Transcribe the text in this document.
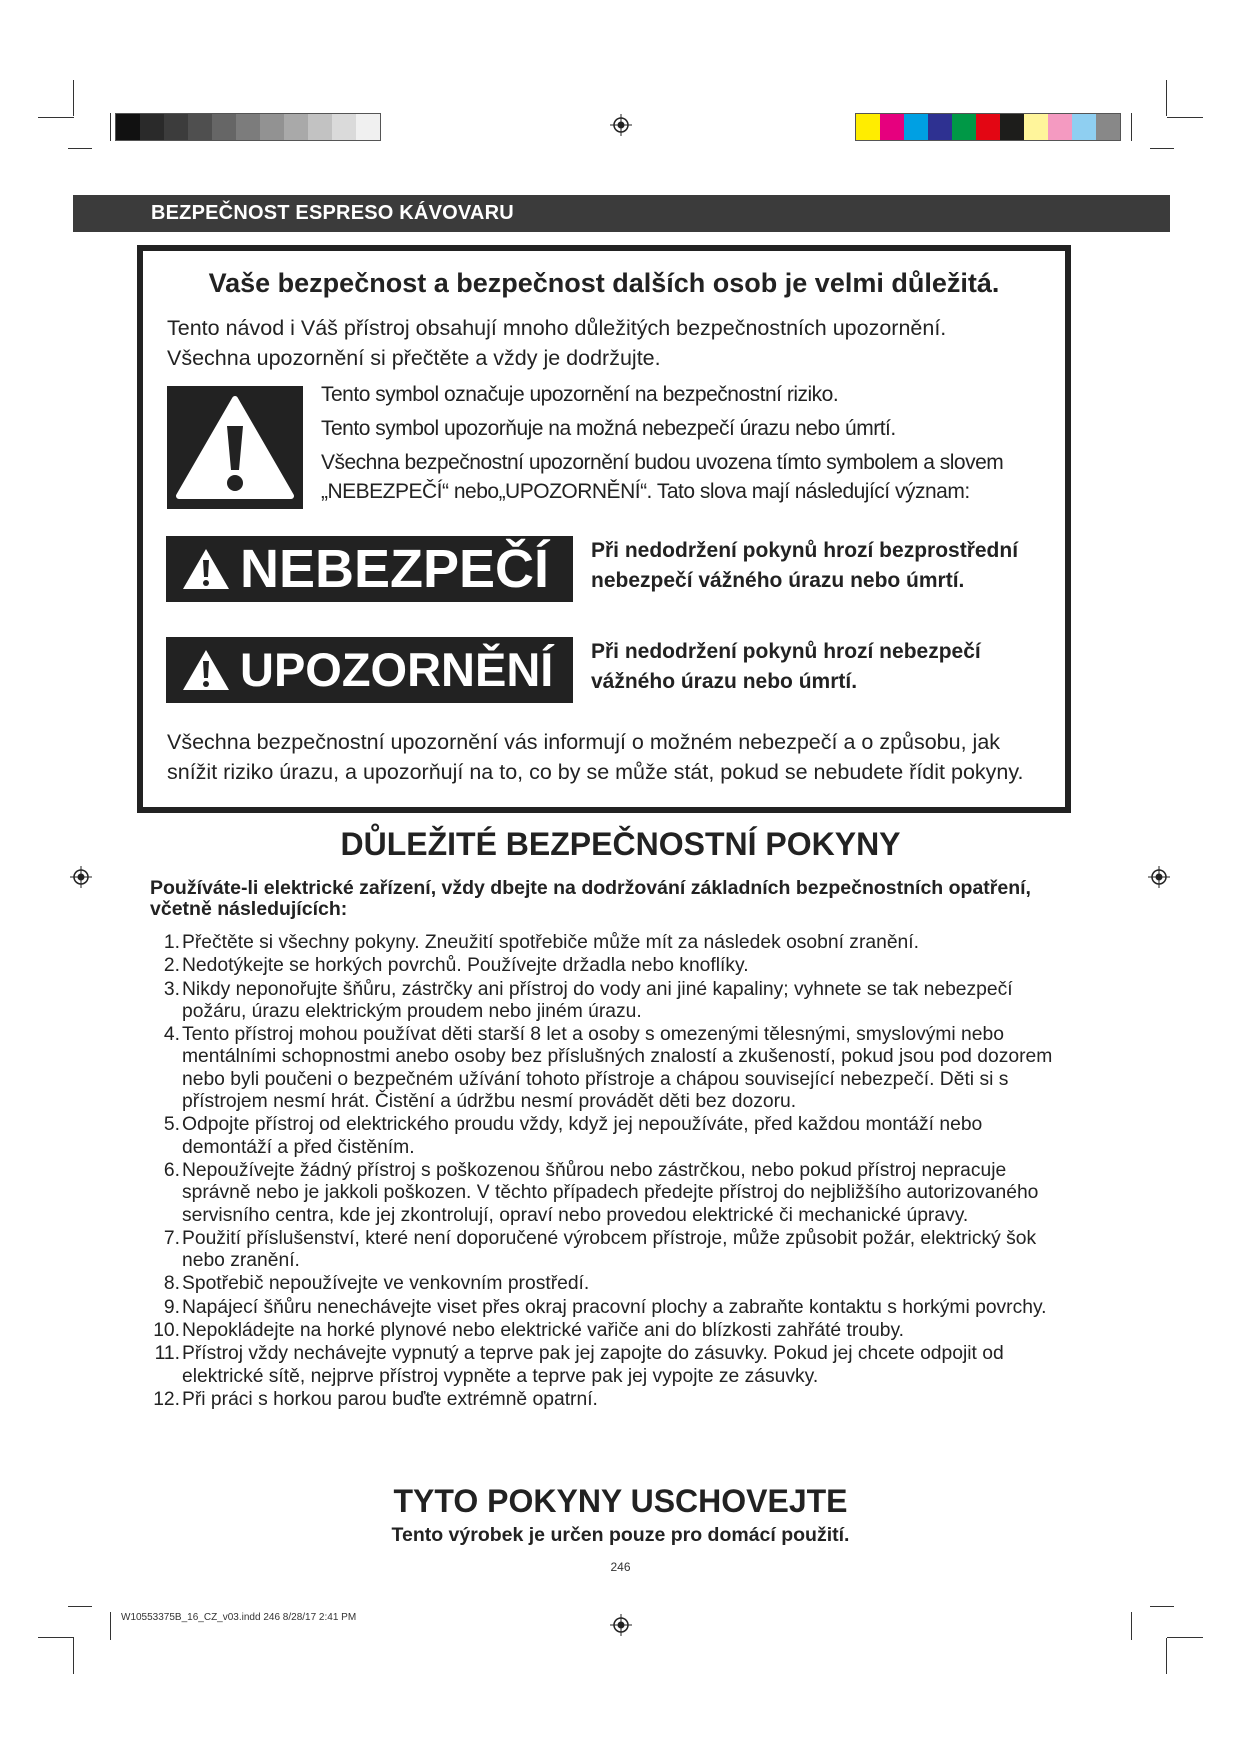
BEZPEČNOST ESPRESO KÁVOVARU
Vaše bezpečnost a bezpečnost dalších osob je velmi důležitá.
Tento návod i Váš přístroj obsahují mnoho důležitých bezpečnostních upozornění.
Všechna upozornění si přečtěte a vždy je dodržujte.
Tento symbol označuje upozornění na bezpečnostní riziko.
Tento symbol upozorňuje na možná nebezpečí úrazu nebo úmrtí.
Všechna bezpečnostní upozornění budou uvozena tímto symbolem a slovem
„NEBEZPEČÍ“ nebo„UPOZORNĚNÍ“. Tato slova mají následující význam:
NEBEZPEČÍ Při nedodržení pokynů hrozí bezprostřední
nebezpečí vážného úrazu nebo úmrtí.
UPOZORNĚNÍ Při nedodržení pokynů hrozí nebezpečí
vážného úrazu nebo úmrtí.
Všechna bezpečnostní upozornění vás informují o možném nebezpečí a o způsobu, jak
snížit riziko úrazu, a upozorňují na to, co by se může stát, pokud se nebudete řídit pokyny.
DŮLEŽITÉ BEZPEČNOSTNÍ POKYNY
Používáte-li elektrické zařízení, vždy dbejte na dodržování základních bezpečnostních opatření, včetně následujících:
1. Přečtěte si všechny pokyny. Zneužití spotřebiče může mít za následek osobní zranění.
2. Nedotýkejte se horkých povrchů. Používejte držadla nebo knoflíky.
3. Nikdy neponořujte šňůru, zástrčky ani přístroj do vody ani jiné kapaliny; vyhnete se tak nebezpečí požáru, úrazu elektrickým proudem nebo jiném úrazu.
4. Tento přístroj mohou používat děti starší 8 let a osoby s omezenými tělesnými, smyslovými nebo mentálními schopnostmi anebo osoby bez příslušných znalostí a zkušeností, pokud jsou pod dozorem nebo byli poučeni o bezpečném užívání tohoto přístroje a chápou související nebezpečí. Děti si s přístrojem nesmí hrát. Čistění a údržbu nesmí provádět děti bez dozoru.
5. Odpojte přístroj od elektrického proudu vždy, když jej nepoužíváte, před každou montáží nebo demontáží a před čistěním.
6. Nepoužívejte žádný přístroj s poškozenou šňůrou nebo zástrčkou, nebo pokud přístroj nepracuje správně nebo je jakkoli poškozen. V těchto případech předejte přístroj do nejbližšího autorizovaného servisního centra, kde jej zkontrolují, opraví nebo provedou elektrické či mechanické úpravy.
7. Použití příslušenství, které není doporučené výrobcem přístroje, může způsobit požár, elektrický šok nebo zranění.
8. Spotřebič nepoužívejte ve venkovním prostředí.
9. Napájecí šňůru nenechávejte viset přes okraj pracovní plochy a zabraňte kontaktu s horkými povrchy.
10. Nepokládejte na horké plynové nebo elektrické vařiče ani do blízkosti zahřáté trouby.
11. Přístroj vždy nechávejte vypnutý a teprve pak jej zapojte do zásuvky. Pokud jej chcete odpojit od elektrické sítě, nejprve přístroj vypněte a teprve pak jej vypojte ze zásuvky.
12. Při práci s horkou parou buďte extrémně opatrní.
TYTO POKYNY USCHOVEJTE
Tento výrobek je určen pouze pro domácí použití.
246
W10553375B_16_CZ_v03.indd 246 8/28/17 2:41 PM
